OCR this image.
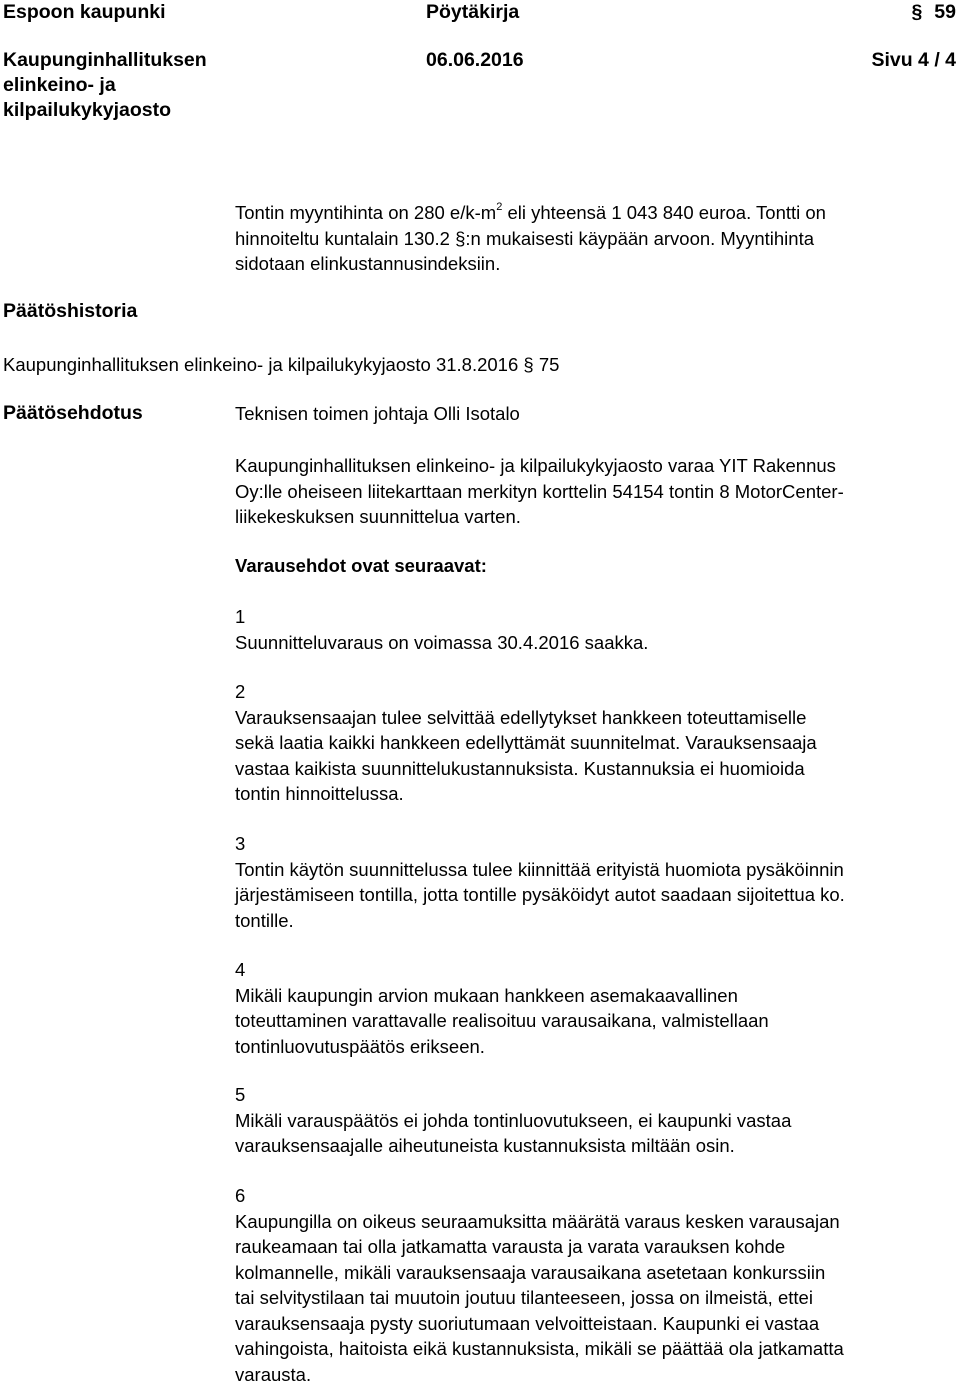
Espoon kaupunki	Pöytäkirja	§ 59
Kaupunginhallituksen
elinkeino- ja
kilpailukykyjaosto
06.06.2016	Sivu 4 / 4
Tontin myyntihinta on 280 $e/k-m^2$ eli yhteensä 1 043 840 euroa. Tontti on
hinnoiteltu kuntalain 130.2 §:n mukaisesti käypään arvoon. Myyntihinta
sidotaan elinkustannusindeksiin.
Päätöshistoria
Kaupunginhallituksen elinkeino- ja kilpailukykyjaosto 31.8.2016 § 75
Päätösehdotus	Teknisen toimen johtaja Olli Isotalo
Kaupunginhallituksen elinkeino- ja kilpailukykyjaosto varaa YIT Rakennus
Oy:lle oheiseen liitekarttaan merkityn korttelin 54154 tontin 8 MotorCenter-
liikekeskuksen suunnittelua varten.
Varausehdot ovat seuraavat:
1
Suunnitteluvaraus on voimassa 30.4.2016 saakka.
2
Varauksensaajan tulee selvittää edellytykset hankkeen toteuttamiselle
sekä laatia kaikki hankkeen edellyttämät suunnitelmat. Varauksensaaja
vastaa kaikista suunnittelukustannuksista. Kustannuksia ei huomioida
tontin hinnoittelussa.
3
Tontin käytön suunnittelussa tulee kiinnittää erityistä huomiota pysäköinnin
järjestämiseen tontilla, jotta tontille pysäköidyt autot saadaan sijoitettua ko.
tontille.
4
Mikäli kaupungin arvion mukaan hankkeen asemakaavallinen
toteuttaminen varattavalle realisoituu varausaikana, valmistellaan
tontinluovutuspäätös erikseen.
5
Mikäli varauspäätös ei johda tontinluovutukseen, ei kaupunki vastaa
varauksensaajalle aiheutuneista kustannuksista miltään osin.
6
Kaupungilla on oikeus seuraamuksitta määrätä varaus kesken varausajan
raukeamaan tai olla jatkamatta varausta ja varata varauksen kohde
kolmannelle, mikäli varauksensaaja varausaikana asetetaan konkurssiin
tai selvitystilaan tai muutoin joutuu tilanteeseen, jossa on ilmeistä, ettei
varauksensaaja pysty suoriutumaan velvoitteistaan. Kaupunki ei vastaa
vahingoista, haitoista eikä kustannuksista, mikäli se päättää ola jatkamatta
varausta.
